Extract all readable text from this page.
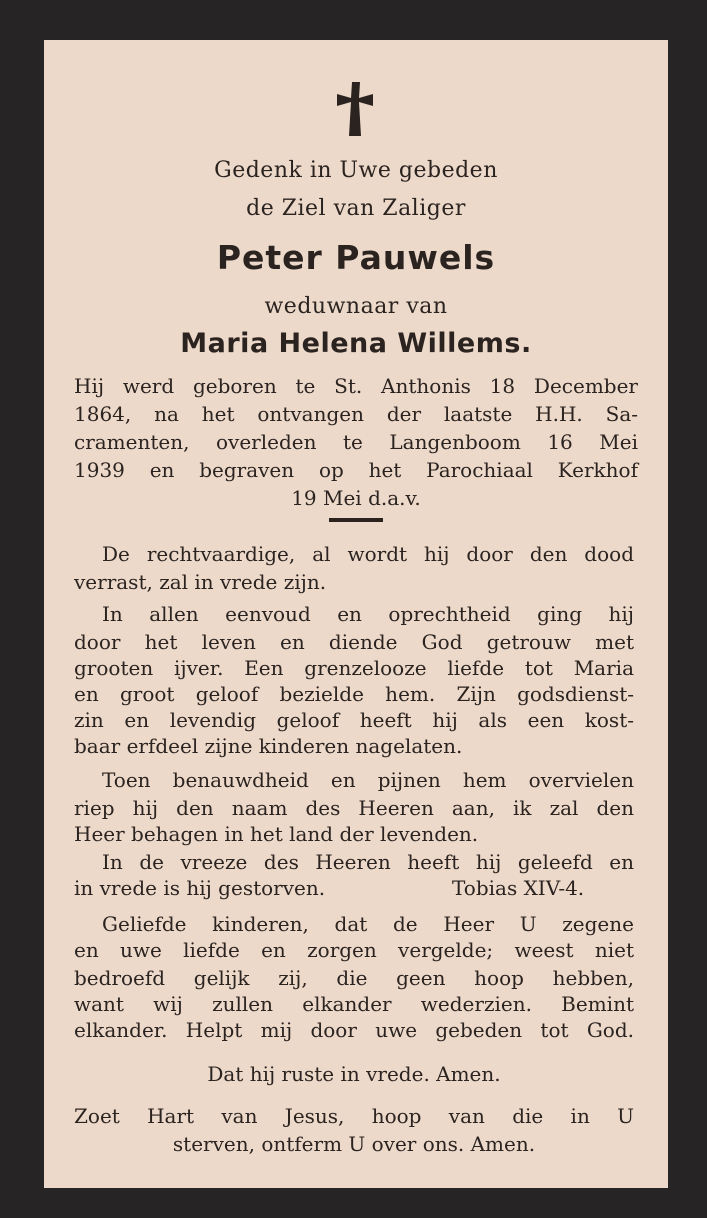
Gedenk in Uwe gebeden
de Ziel van Zaliger
Peter Pauwels
weduwnaar van
Maria Helena Willems.
Hij werd geboren te St. Anthonis 18 December
1864, na het ontvangen der laatste H.H. Sa-
cramenten, overleden te Langenboom 16 Mei
1939 en begraven op het Parochiaal Kerkhof
19 Mei d.a.v.
De rechtvaardige, al wordt hij door den dood
verrast, zal in vrede zijn.
In allen eenvoud en oprechtheid ging hij
door het leven en diende God getrouw met
grooten ijver. Een grenzelooze liefde tot Maria
en groot geloof bezielde hem. Zijn godsdienst-
zin en levendig geloof heeft hij als een kost-
baar erfdeel zijne kinderen nagelaten.
Toen benauwdheid en pijnen hem overvielen
riep hij den naam des Heeren aan, ik zal den
Heer behagen in het land der levenden.
In de vreeze des Heeren heeft hij geleefd en
in vrede is hij gestorven.	Tobias XIV-4.
Geliefde kinderen, dat de Heer U zegene
en uwe liefde en zorgen vergelde; weest niet
bedroefd gelijk zij, die geen hoop hebben,
want wij zullen elkander wederzien. Bemint
elkander. Helpt mij door uwe gebeden tot God.
Dat hij ruste in vrede. Amen.
Zoet Hart van Jesus, hoop van die in U
sterven, ontferm U over ons. Amen.
